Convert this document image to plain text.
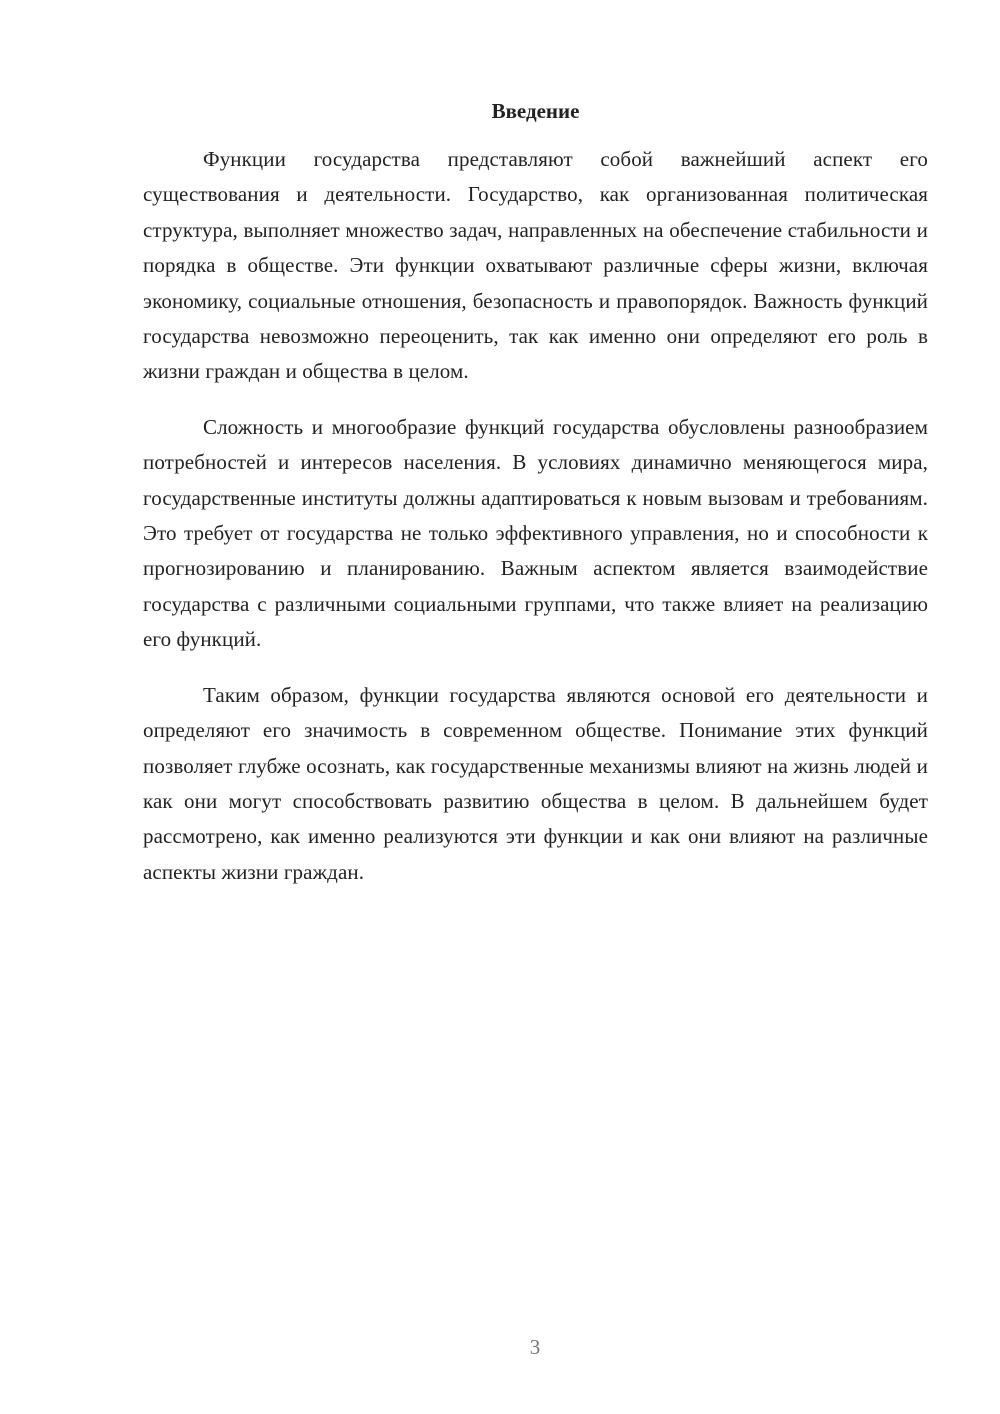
Введение

Функции государства представляют собой важнейший аспект его существования и деятельности. Государство, как организованная политическая структура, выполняет множество задач, направленных на обеспечение стабильности и порядка в обществе. Эти функции охватывают различные сферы жизни, включая экономику, социальные отношения, безопасность и правопорядок. Важность функций государства невозможно переоценить, так как именно они определяют его роль в жизни граждан и общества в целом.

Сложность и многообразие функций государства обусловлены разнообразием потребностей и интересов населения. В условиях динамично меняющегося мира, государственные институты должны адаптироваться к новым вызовам и требованиям. Это требует от государства не только эффективного управления, но и способности к прогнозированию и планированию. Важным аспектом является взаимодействие государства с различными социальными группами, что также влияет на реализацию его функций.

Таким образом, функции государства являются основой его деятельности и определяют его значимость в современном обществе. Понимание этих функций позволяет глубже осознать, как государственные механизмы влияют на жизнь людей и как они могут способствовать развитию общества в целом. В дальнейшем будет рассмотрено, как именно реализуются эти функции и как они влияют на различные аспекты жизни граждан.

3
